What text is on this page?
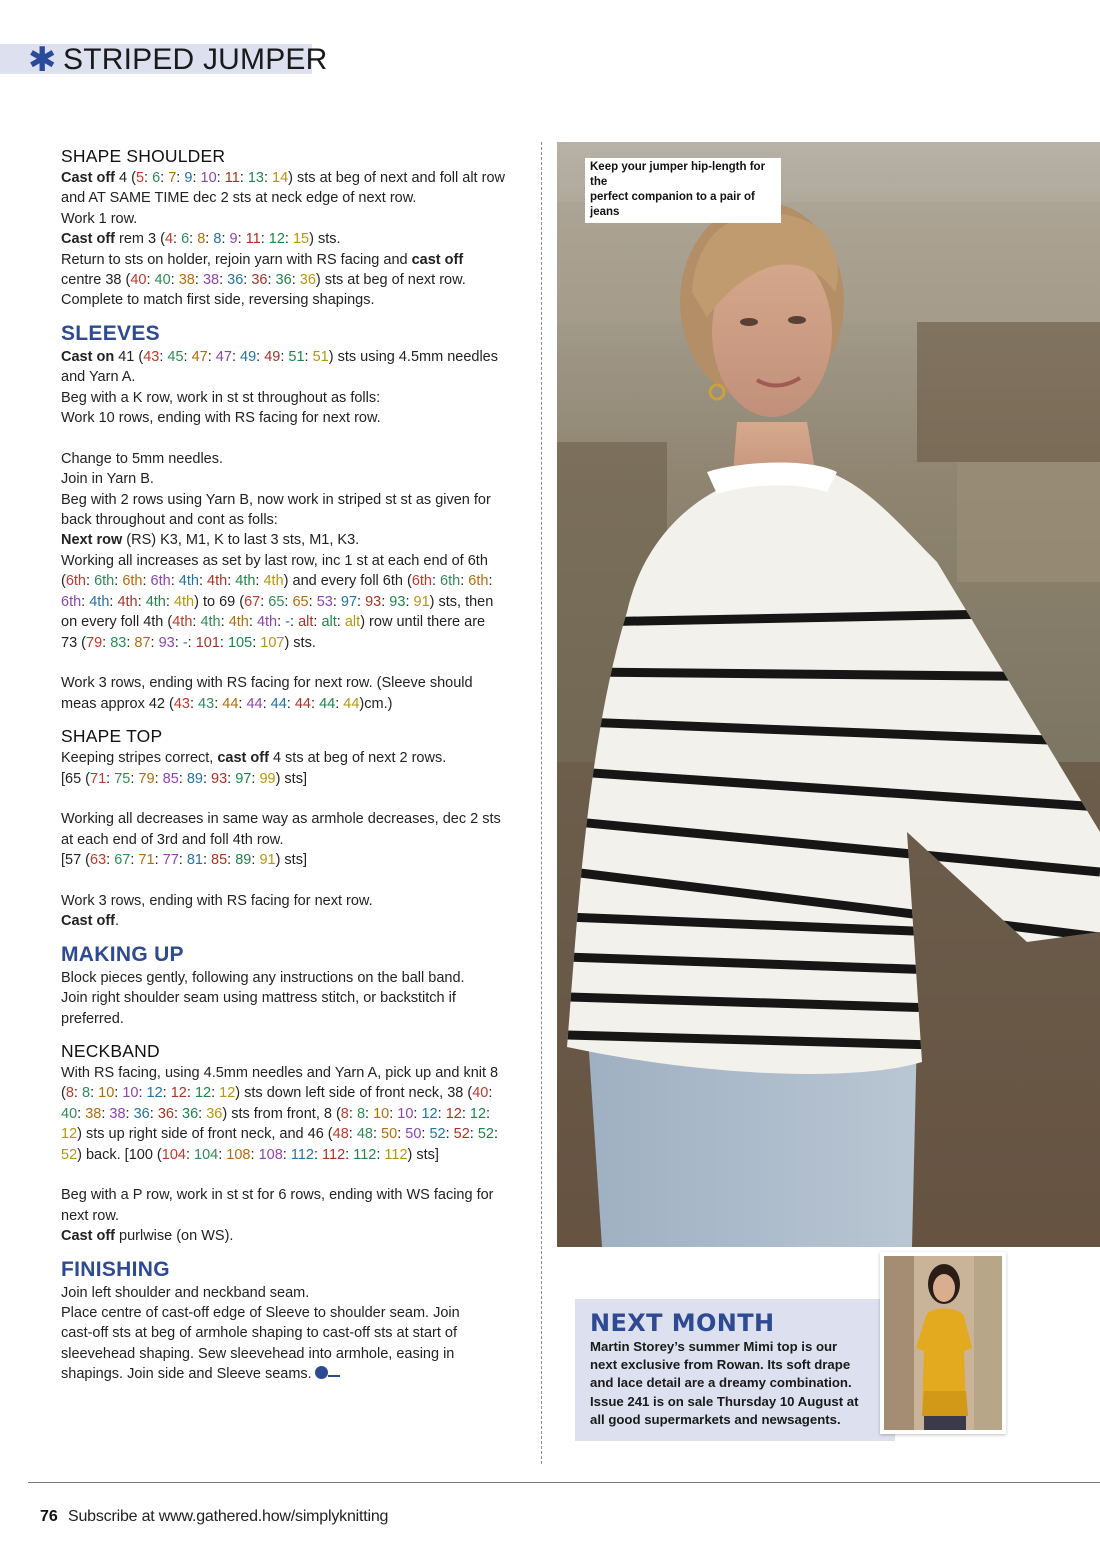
✱ STRIPED JUMPER
SHAPE SHOULDER
Cast off 4 (5: 6: 7: 9: 10: 11: 13: 14) sts at beg of next and foll alt row
and AT SAME TIME dec 2 sts at neck edge of next row.
Work 1 row.
Cast off rem 3 (4: 6: 8: 8: 9: 11: 12: 15) sts.
Return to sts on holder, rejoin yarn with RS facing and cast off
centre 38 (40: 40: 38: 38: 36: 36: 36: 36) sts at beg of next row.
Complete to match first side, reversing shapings.
SLEEVES
Cast on 41 (43: 45: 47: 47: 49: 49: 51: 51) sts using 4.5mm needles
and Yarn A.
Beg with a K row, work in st st throughout as folls:
Work 10 rows, ending with RS facing for next row.
Change to 5mm needles.
Join in Yarn B.
Beg with 2 rows using Yarn B, now work in striped st st as given for
back throughout and cont as folls:
Next row (RS) K3, M1, K to last 3 sts, M1, K3.
Working all increases as set by last row, inc 1 st at each end of 6th
(6th: 6th: 6th: 6th: 4th: 4th: 4th: 4th) and every foll 6th (6th: 6th: 6th:
6th: 4th: 4th: 4th: 4th) to 69 (67: 65: 65: 53: 97: 93: 93: 91) sts, then
on every foll 4th (4th: 4th: 4th: 4th: -: alt: alt: alt) row until there are
73 (79: 83: 87: 93: -: 101: 105: 107) sts.
Work 3 rows, ending with RS facing for next row. (Sleeve should
meas approx 42 (43: 43: 44: 44: 44: 44: 44: 44)cm.)
SHAPE TOP
Keeping stripes correct, cast off 4 sts at beg of next 2 rows.
[65 (71: 75: 79: 85: 89: 93: 97: 99) sts]
Working all decreases in same way as armhole decreases, dec 2 sts
at each end of 3rd and foll 4th row.
[57 (63: 67: 71: 77: 81: 85: 89: 91) sts]
Work 3 rows, ending with RS facing for next row.
Cast off.
MAKING UP
Block pieces gently, following any instructions on the ball band.
Join right shoulder seam using mattress stitch, or backstitch if
preferred.
NECKBAND
With RS facing, using 4.5mm needles and Yarn A, pick up and knit 8
(8: 8: 10: 10: 12: 12: 12: 12) sts down left side of front neck, 38 (40:
40: 38: 38: 36: 36: 36: 36) sts from front, 8 (8: 8: 10: 10: 12: 12: 12:
12) sts up right side of front neck, and 46 (48: 48: 50: 50: 52: 52: 52:
52) back. [100 (104: 104: 108: 108: 112: 112: 112: 112) sts]
Beg with a P row, work in st st for 6 rows, ending with WS facing for
next row.
Cast off purlwise (on WS).
FINISHING
Join left shoulder and neckband seam.
Place centre of cast-off edge of Sleeve to shoulder seam. Join
cast-off sts at beg of armhole shaping to cast-off sts at start of
sleevehead shaping. Sew sleevehead into armhole, easing in
shapings. Join side and Sleeve seams.
Keep your jumper hip-length for the
perfect companion to a pair of jeans
NEXT MONTH
Martin Storey’s summer Mimi top is our
next exclusive from Rowan. Its soft drape
and lace detail are a dreamy combination.
Issue 241 is on sale Thursday 10 August at
all good supermarkets and newsagents.
76 Subscribe at www.gathered.how/simplyknitting
